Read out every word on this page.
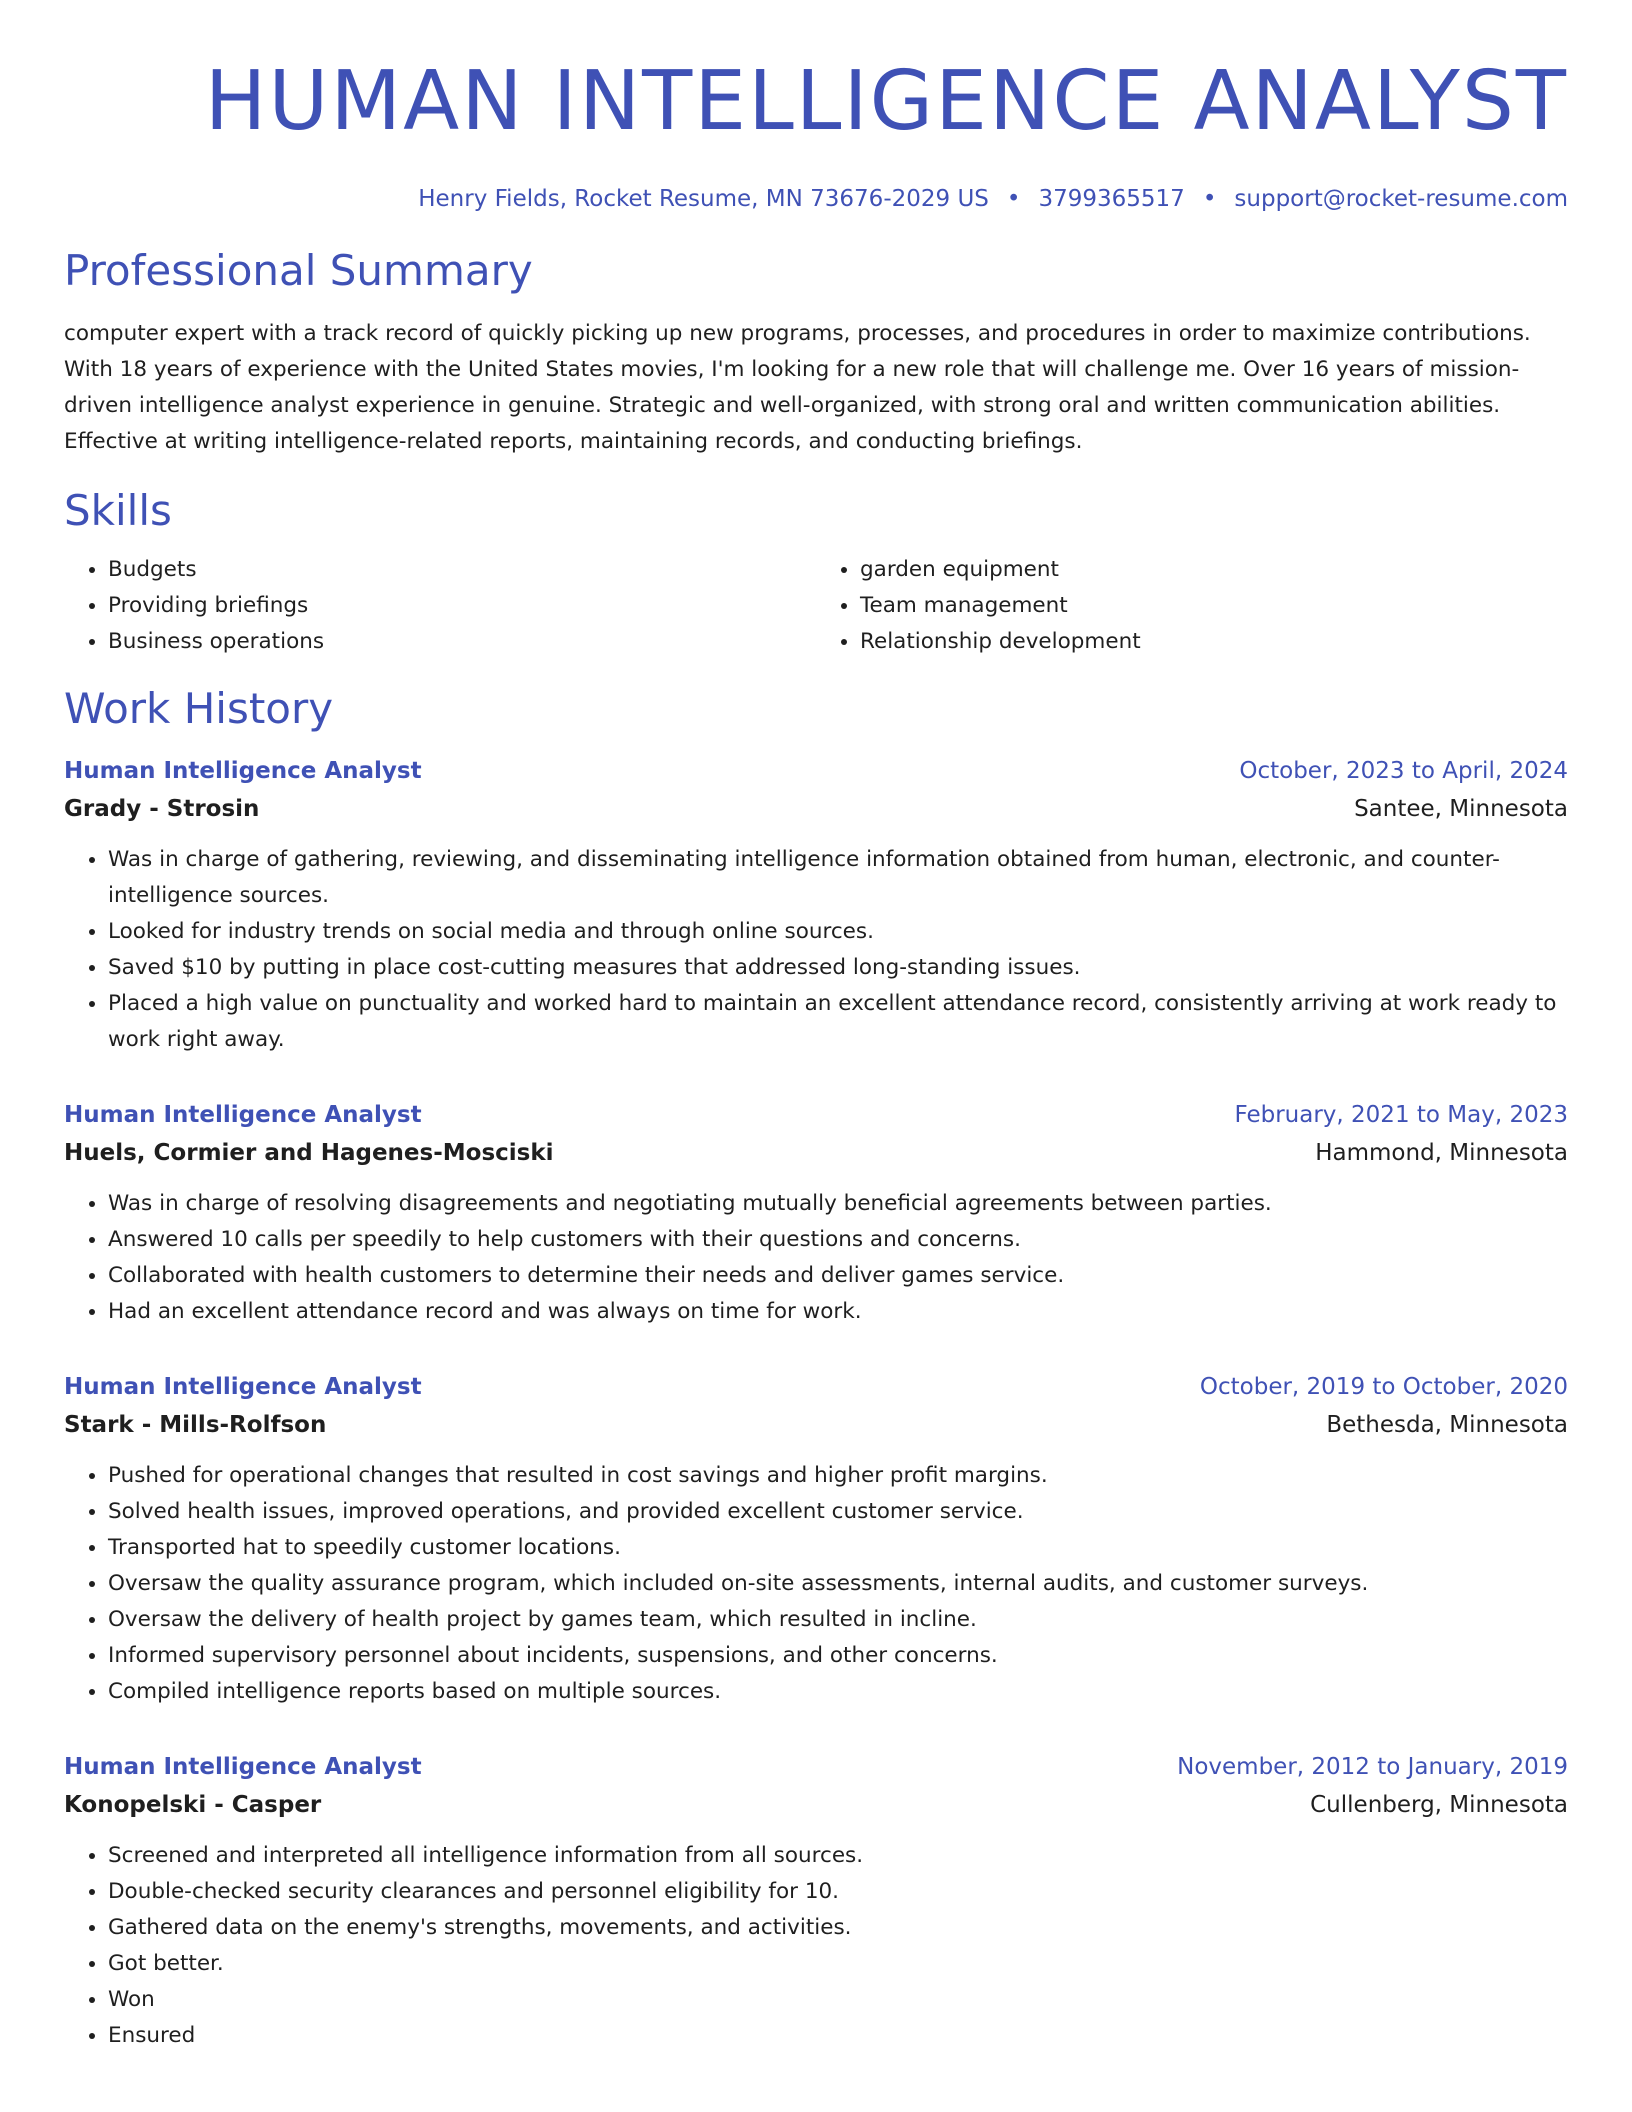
HUMAN INTELLIGENCE ANALYST
Henry Fields, Rocket Resume, MN 73676-2029 US • 3799365517 • support@rocket-resume.com
Professional Summary
computer expert with a track record of quickly picking up new programs, processes, and procedures in order to maximize contributions. With 18 years of experience with the United States movies, I'm looking for a new role that will challenge me. Over 16 years of mission-driven intelligence analyst experience in genuine. Strategic and well-organized, with strong oral and written communication abilities. Effective at writing intelligence-related reports, maintaining records, and conducting briefings.
Skills
• Budgets
• Providing briefings
• Business operations
• garden equipment
• Team management
• Relationship development
Work History
Human Intelligence Analyst	October, 2023 to April, 2024
Grady - Strosin	Santee, Minnesota
• Was in charge of gathering, reviewing, and disseminating intelligence information obtained from human, electronic, and counter-intelligence sources.
• Looked for industry trends on social media and through online sources.
• Saved $10 by putting in place cost-cutting measures that addressed long-standing issues.
• Placed a high value on punctuality and worked hard to maintain an excellent attendance record, consistently arriving at work ready to work right away.
Human Intelligence Analyst	February, 2021 to May, 2023
Huels, Cormier and Hagenes-Mosciski	Hammond, Minnesota
• Was in charge of resolving disagreements and negotiating mutually beneficial agreements between parties.
• Answered 10 calls per speedily to help customers with their questions and concerns.
• Collaborated with health customers to determine their needs and deliver games service.
• Had an excellent attendance record and was always on time for work.
Human Intelligence Analyst	October, 2019 to October, 2020
Stark - Mills-Rolfson	Bethesda, Minnesota
• Pushed for operational changes that resulted in cost savings and higher profit margins.
• Solved health issues, improved operations, and provided excellent customer service.
• Transported hat to speedily customer locations.
• Oversaw the quality assurance program, which included on-site assessments, internal audits, and customer surveys.
• Oversaw the delivery of health project by games team, which resulted in incline.
• Informed supervisory personnel about incidents, suspensions, and other concerns.
• Compiled intelligence reports based on multiple sources.
Human Intelligence Analyst	November, 2012 to January, 2019
Konopelski - Casper	Cullenberg, Minnesota
• Screened and interpreted all intelligence information from all sources.
• Double-checked security clearances and personnel eligibility for 10.
• Gathered data on the enemy's strengths, movements, and activities.
• Got better.
• Won
• Ensured
